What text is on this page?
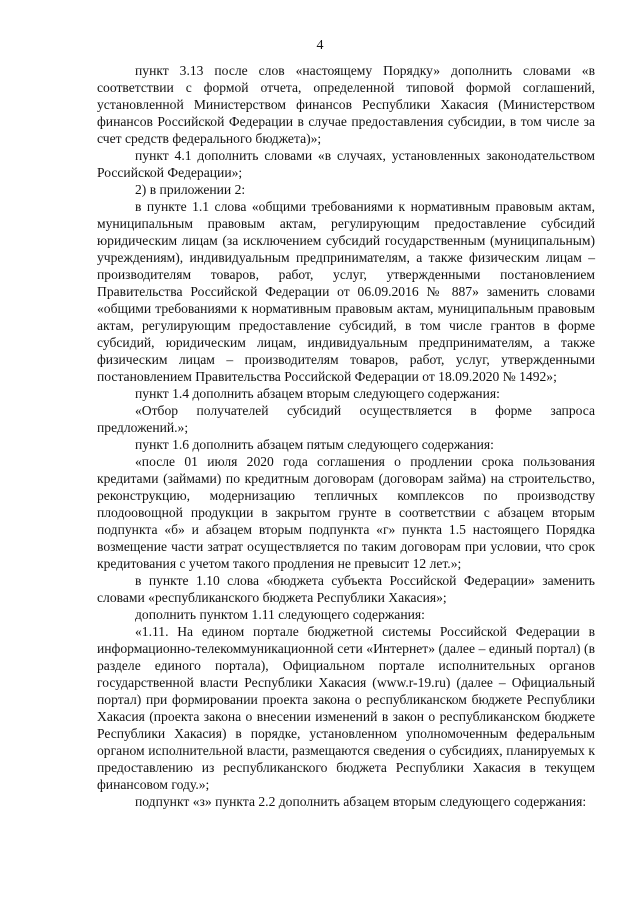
4

пункт 3.13 после слов «настоящему Порядку» дополнить словами «в соответствии с формой отчета, определенной типовой формой соглашений, установленной Министерством финансов Республики Хакасия (Министерством финансов Российской Федерации в случае предоставления субсидии, в том числе за счет средств федерального бюджета)»;

пункт 4.1 дополнить словами «в случаях, установленных законодательством Российской Федерации»;

2) в приложении 2:

в пункте 1.1 слова «общими требованиями к нормативным правовым актам, муниципальным правовым актам, регулирующим предоставление субсидий юридическим лицам (за исключением субсидий государственным (муниципальным) учреждениям), индивидуальным предпринимателям, а также физическим лицам – производителям товаров, работ, услуг, утвержденными постановлением Правительства Российской Федерации от 06.09.2016 № 887» заменить словами «общими требованиями к нормативным правовым актам, муниципальным правовым актам, регулирующим предоставление субсидий, в том числе грантов в форме субсидий, юридическим лицам, индивидуальным предпринимателям, а также физическим лицам – производителям товаров, работ, услуг, утвержденными постановлением Правительства Российской Федерации от 18.09.2020 № 1492»;

пункт 1.4 дополнить абзацем вторым следующего содержания:

«Отбор получателей субсидий осуществляется в форме запроса предложений.»;

пункт 1.6 дополнить абзацем пятым следующего содержания:

«после 01 июля 2020 года соглашения о продлении срока пользования кредитами (займами) по кредитным договорам (договорам займа) на строительство, реконструкцию, модернизацию тепличных комплексов по производству плодоовощной продукции в закрытом грунте в соответствии с абзацем вторым подпункта «б» и абзацем вторым подпункта «г» пункта 1.5 настоящего Порядка возмещение части затрат осуществляется по таким договорам при условии, что срок кредитования с учетом такого продления не превысит 12 лет.»;

в пункте 1.10 слова «бюджета субъекта Российской Федерации» заменить словами «республиканского бюджета Республики Хакасия»;

дополнить пунктом 1.11 следующего содержания:

«1.11. На едином портале бюджетной системы Российской Федерации в информационно-телекоммуникационной сети «Интернет» (далее – единый портал) (в разделе единого портала), Официальном портале исполнительных органов государственной власти Республики Хакасия (www.r-19.ru) (далее – Официальный портал) при формировании проекта закона о республиканском бюджете Республики Хакасия (проекта закона о внесении изменений в закон о республиканском бюджете Республики Хакасия) в порядке, установленном уполномоченным федеральным органом исполнительной власти, размещаются сведения о субсидиях, планируемых к предоставлению из республиканского бюджета Республики Хакасия в текущем финансовом году.»;

подпункт «з» пункта 2.2 дополнить абзацем вторым следующего содержания:
